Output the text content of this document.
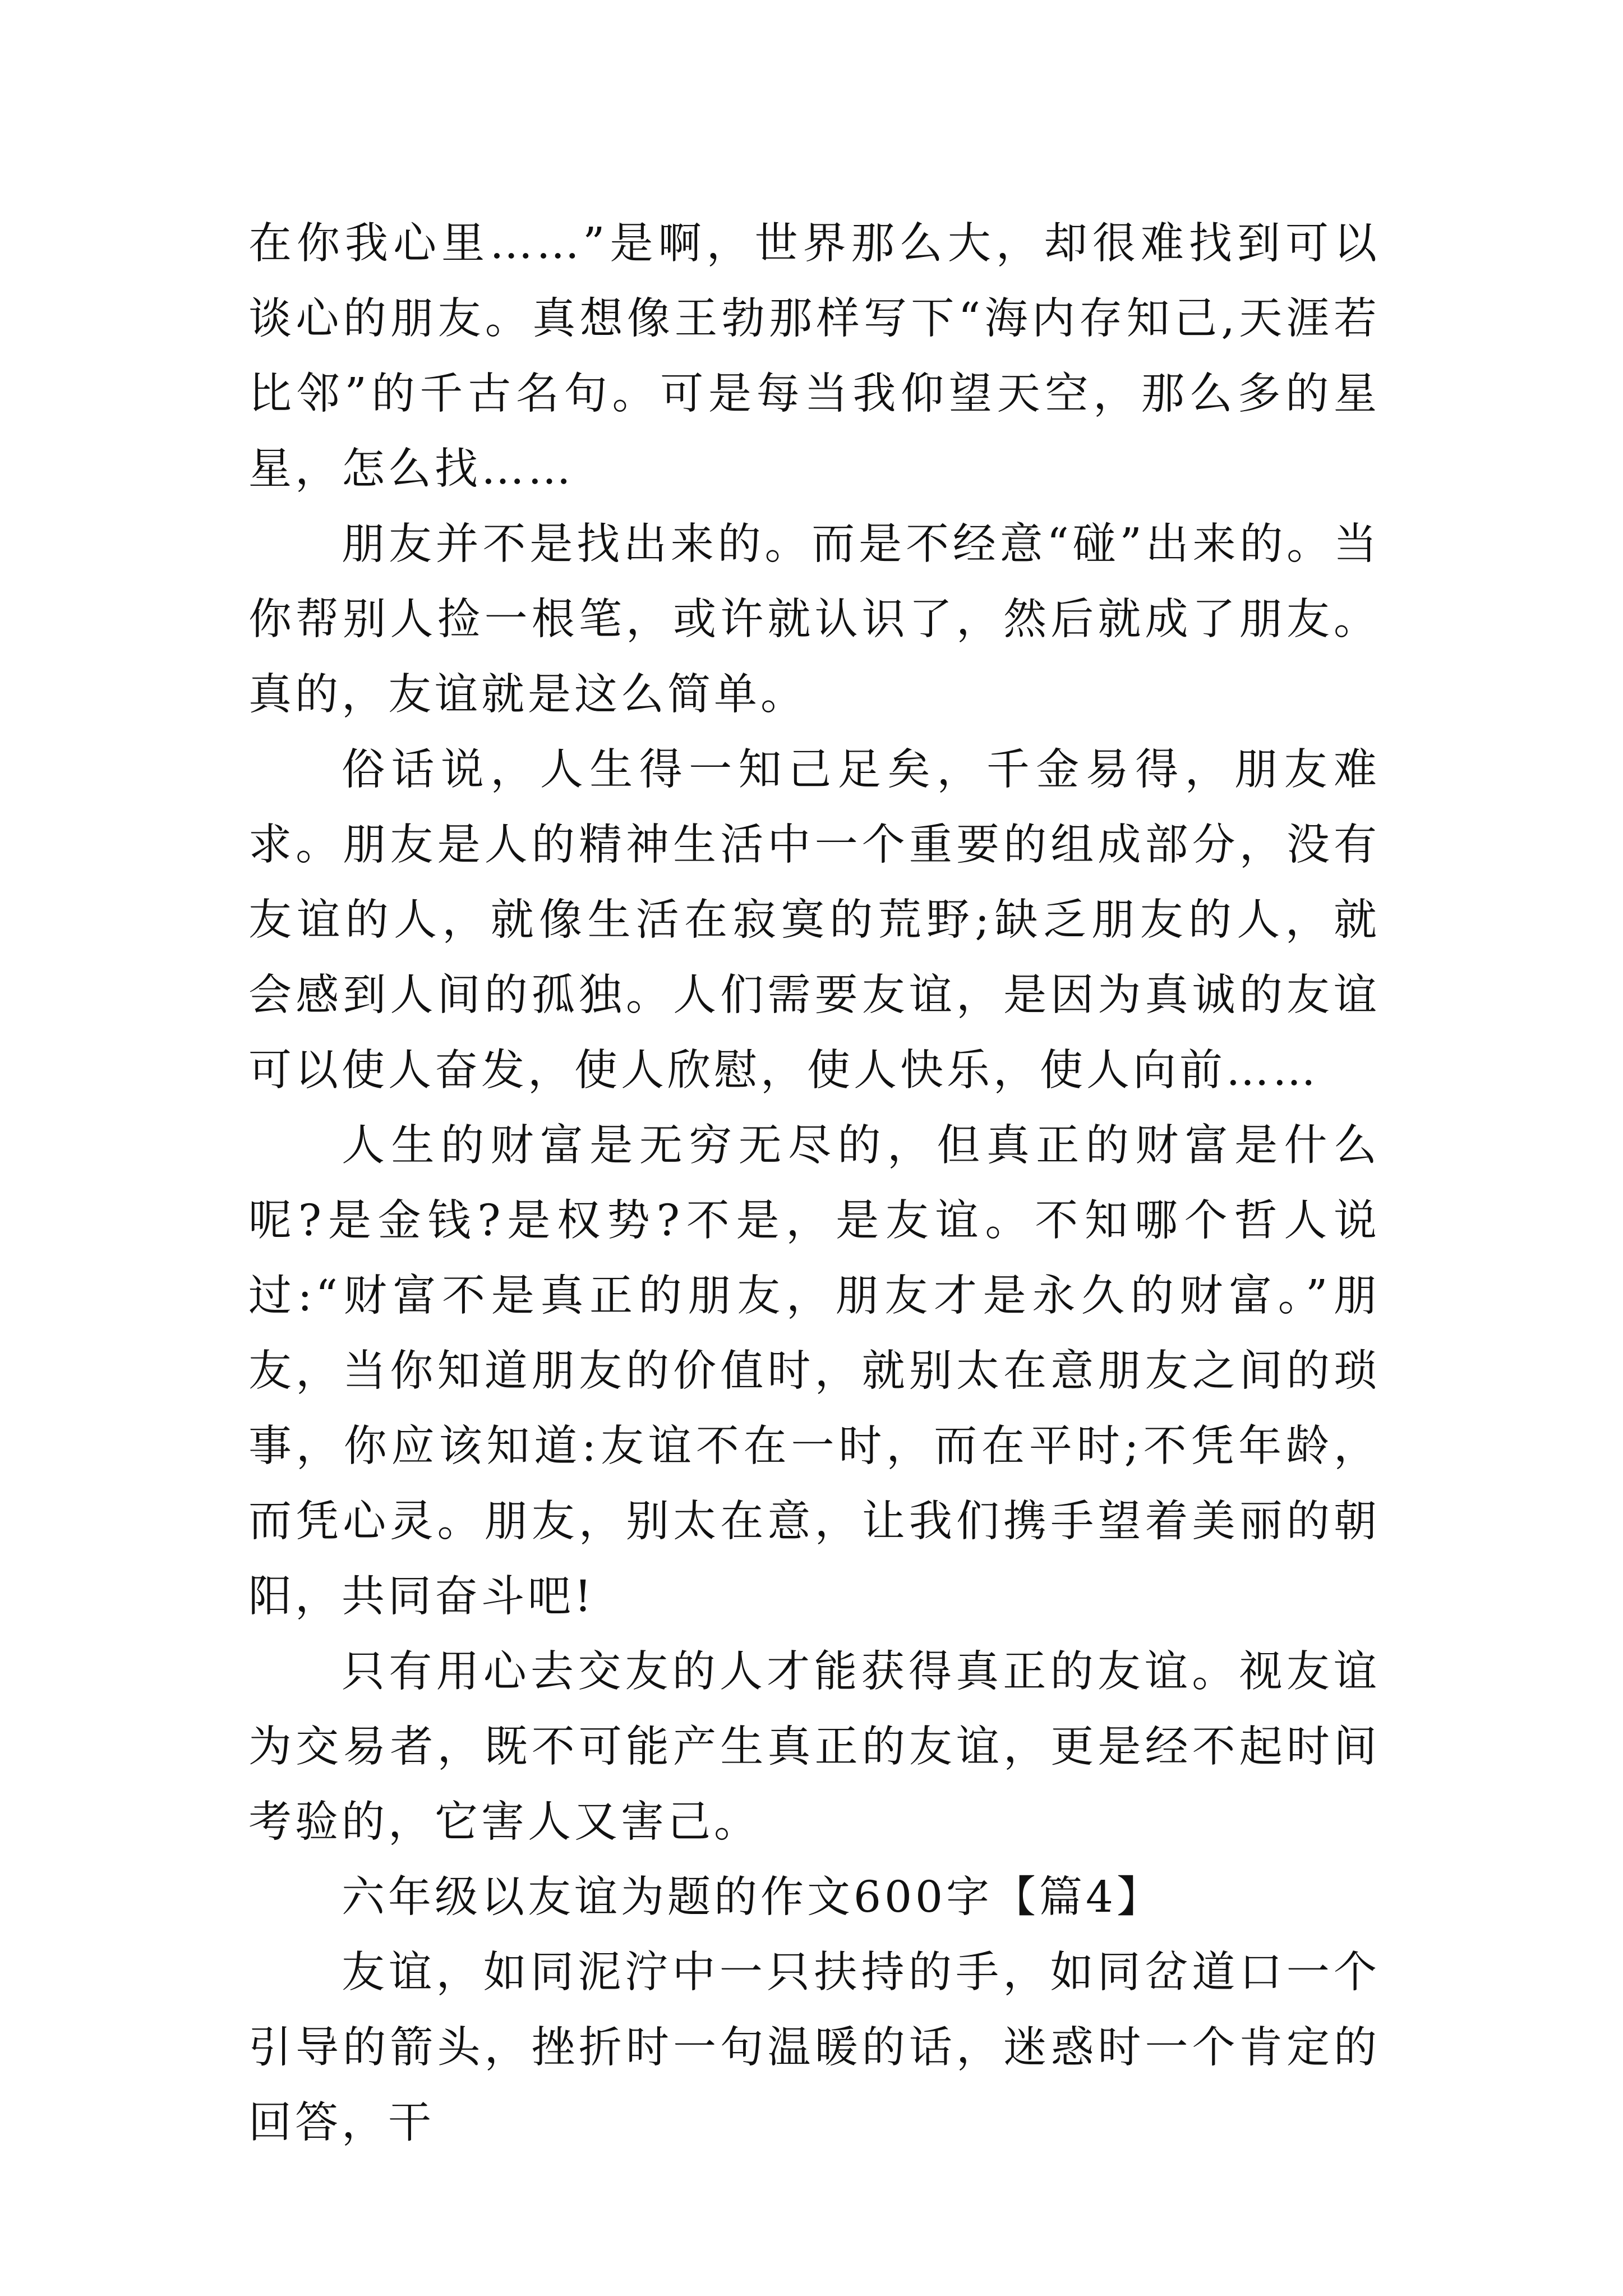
在你我心里……”是啊，世界那么大，却很难找到可以谈心的朋友。真想像王勃那样写下“海内存知己,天涯若比邻”的千古名句。可是每当我仰望天空，那么多的星星，怎么找……

朋友并不是找出来的。而是不经意“碰”出来的。当你帮别人捡一根笔，或许就认识了，然后就成了朋友。真的，友谊就是这么简单。

俗话说，人生得一知己足矣，千金易得，朋友难求。朋友是人的精神生活中一个重要的组成部分，没有友谊的人，就像生活在寂寞的荒野;缺乏朋友的人，就会感到人间的孤独。人们需要友谊，是因为真诚的友谊可以使人奋发，使人欣慰，使人快乐，使人向前……

人生的财富是无穷无尽的，但真正的财富是什么呢?是金钱?是权势?不是，是友谊。不知哪个哲人说过:“财富不是真正的朋友，朋友才是永久的财富。”朋友，当你知道朋友的价值时，就别太在意朋友之间的琐事，你应该知道:友谊不在一时，而在平时;不凭年龄，而凭心灵。朋友，别太在意，让我们携手望着美丽的朝阳，共同奋斗吧!

只有用心去交友的人才能获得真正的友谊。视友谊为交易者，既不可能产生真正的友谊，更是经不起时间考验的，它害人又害己。

六年级以友谊为题的作文600字【篇4】

友谊，如同泥泞中一只扶持的手，如同岔道口一个引导的箭头，挫折时一句温暖的话，迷惑时一个肯定的回答，干
